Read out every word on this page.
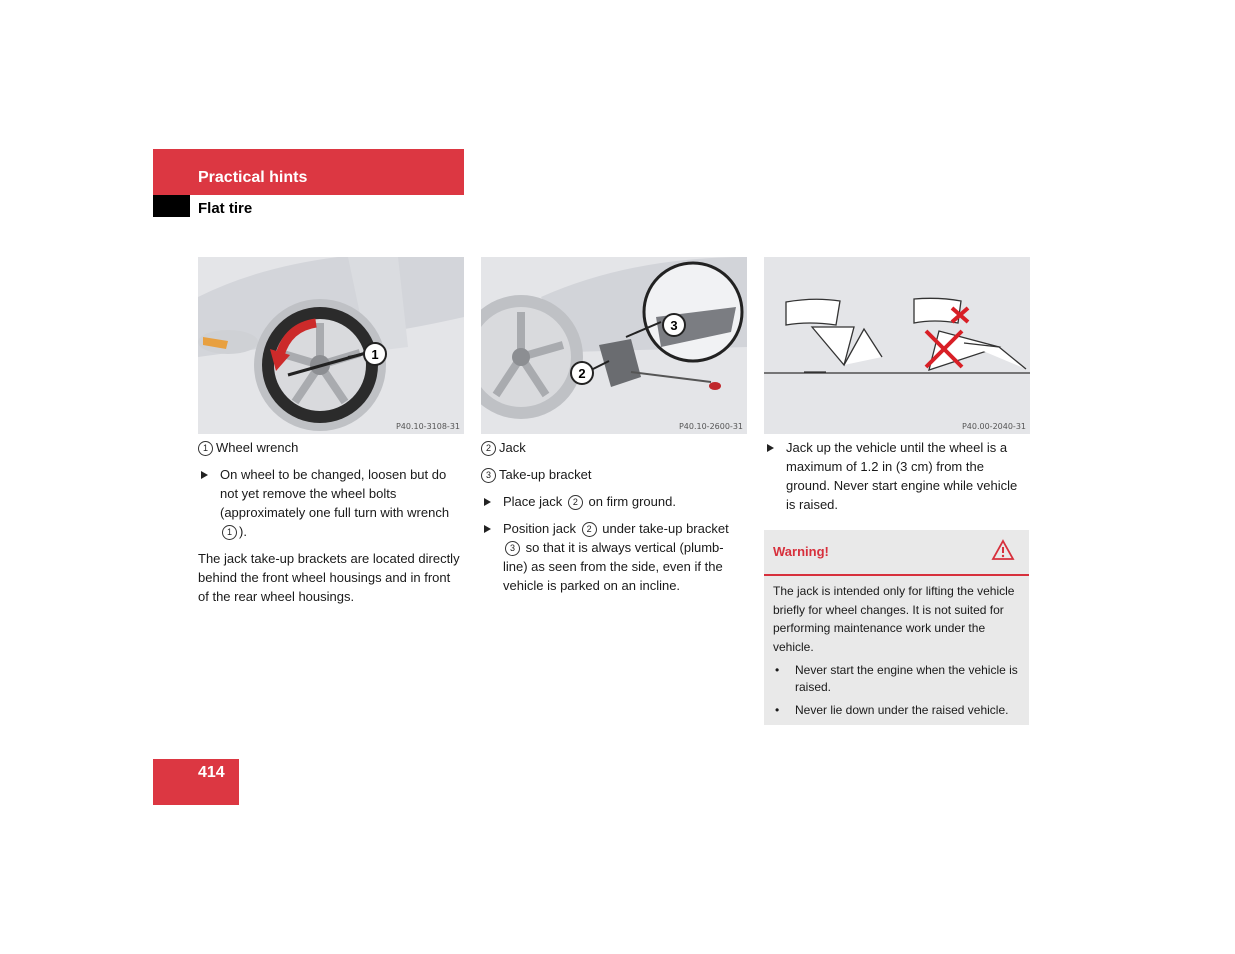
Practical hints
Flat tire
1
P40.10-3108-31
3
2
P40.10-2600-31	P40.00-2040-31

1 Wheel wrench

On wheel to be changed, loosen but do not yet remove the wheel bolts (approximately one full turn with wrench 1 ).

The jack take-up brackets are located directly behind the front wheel housings and in front of the rear wheel housings.

2 Jack

3 Take-up bracket

Place jack 2 on firm ground.
Position jack 2 under take-up bracket 3 so that it is always vertical (plumb-line) as seen from the side, even if the vehicle is parked on an incline.
Jack up the vehicle until the wheel is a maximum of 1.2 in (3 cm) from the ground. Never start engine while vehicle is raised.
Warning!

The jack is intended only for lifting the vehicle briefly for wheel changes. It is not suited for performing maintenance work under the vehicle.

• Never start the engine when the vehicle is raised.
• Never lie down under the raised vehicle.
414
